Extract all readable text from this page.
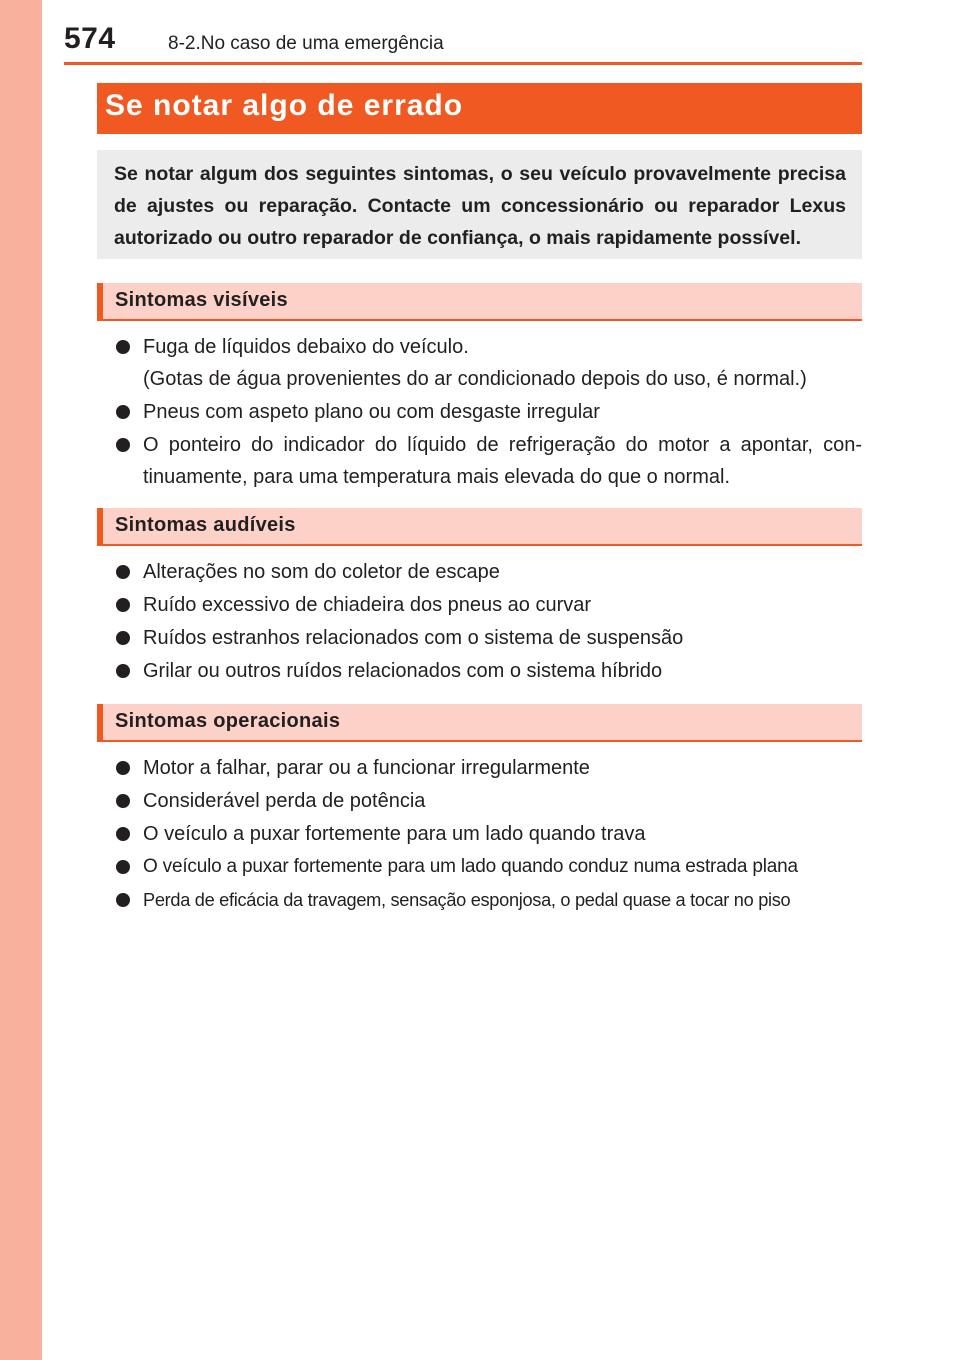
574	8-2.No caso de uma emergência
Se notar algo de errado
Se notar algum dos seguintes sintomas, o seu veículo provavelmente precisa de ajustes ou reparação. Contacte um concessionário ou reparador Lexus autorizado ou outro reparador de confiança, o mais rapidamente possível.
Sintomas visíveis
Fuga de líquidos debaixo do veículo.
(Gotas de água provenientes do ar condicionado depois do uso, é normal.)
Pneus com aspeto plano ou com desgaste irregular
O ponteiro do indicador do líquido de refrigeração do motor a apontar, con-
tinuamente, para uma temperatura mais elevada do que o normal.
Sintomas audíveis
Alterações no som do coletor de escape
Ruído excessivo de chiadeira dos pneus ao curvar
Ruídos estranhos relacionados com o sistema de suspensão
Grilar ou outros ruídos relacionados com o sistema híbrido
Sintomas operacionais
Motor a falhar, parar ou a funcionar irregularmente
Considerável perda de potência
O veículo a puxar fortemente para um lado quando trava
O veículo a puxar fortemente para um lado quando conduz numa estrada plana
Perda de eficácia da travagem, sensação esponjosa, o pedal quase a tocar no piso
